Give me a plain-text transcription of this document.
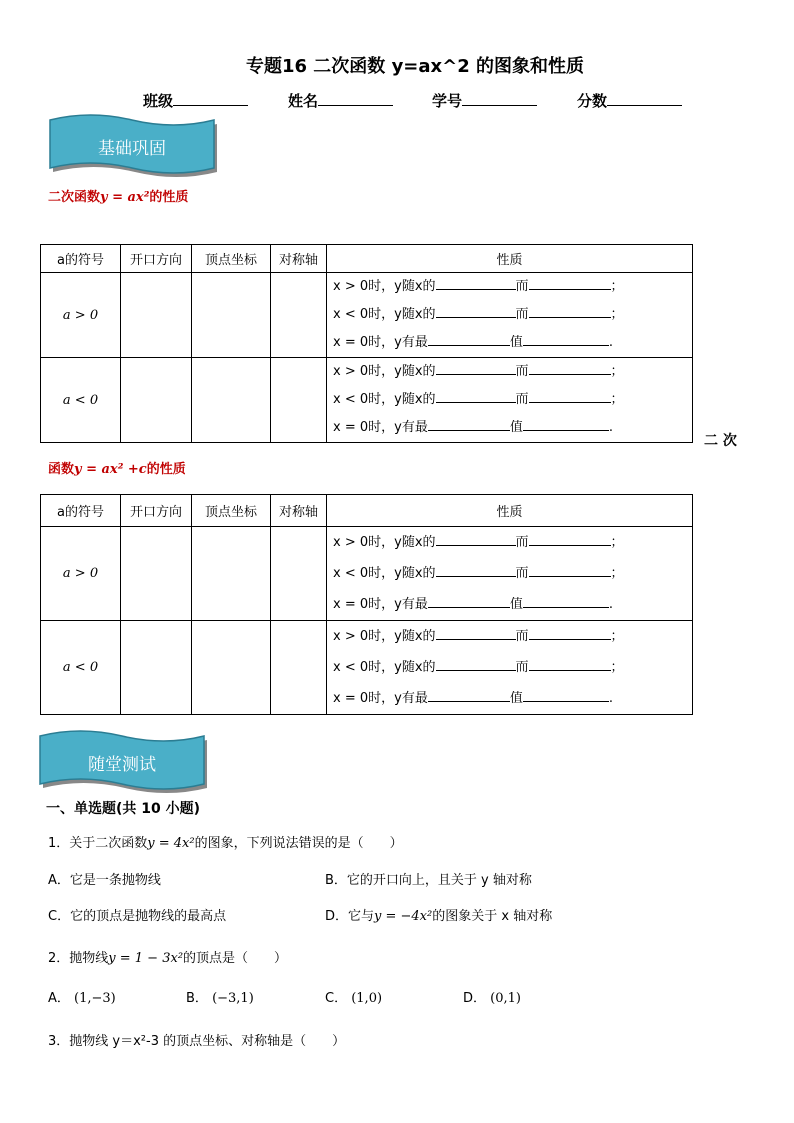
专题16 二次函数 y=ax^2 的图象和性质
班级	姓名	学号	分数
基础巩固
二次函数y = ax²的性质
a的符号	开口方向	顶点坐标	对称轴	性质
a > 0				x > 0时，y随x的 而 ；
x < 0时，y随x的 而 ；
x = 0时，y有最 值 .

a < 0				x > 0时，y随x的 而 ；
x < 0时，y随x的 而 ；
x = 0时，y有最 值 .
二 次
函数y = ax² +c的性质
a的符号	开口方向	顶点坐标	对称轴	性质
a > 0				x > 0时，y随x的 而 ；
x < 0时，y随x的 而 ；
x = 0时，y有最 值 .

a < 0				x > 0时，y随x的 而 ；
x < 0时，y随x的 而 ；
x = 0时，y有最 值 .
随堂测试
一、单选题(共 10 小题)
1．关于二次函数y = 4x²的图象，下列说法错误的是（　　）
A．它是一条抛物线	B．它的开口向上，且关于 y 轴对称
C．它的顶点是抛物线的最高点	D．它与y = −4x²的图象关于 x 轴对称
2．抛物线y = 1 − 3x²的顶点是（　　）
A． (1,−3)	B． (−3,1)	C． (1,0)	D． (0,1)
3．抛物线 y＝x²-3 的顶点坐标、对称轴是（　　）
